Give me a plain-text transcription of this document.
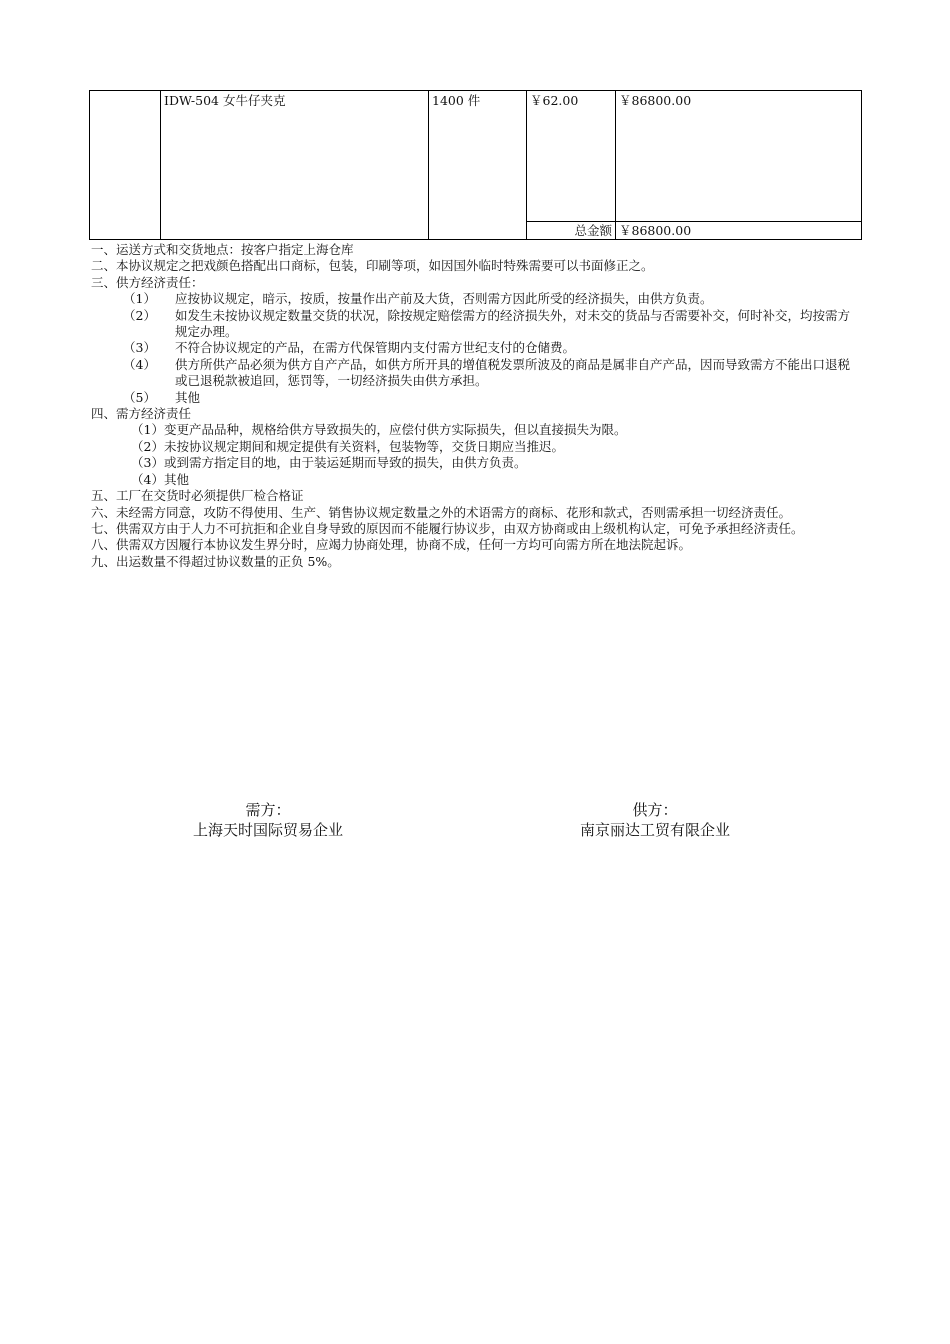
	IDW-504 女牛仔夹克	1400 件	￥62.00	￥86800.00
			总金额	￥86800.00

一、运送方式和交货地点：按客户指定上海仓库

二、本协议规定之把戏颜色搭配出口商标，包装，印刷等项，如因国外临时特殊需要可以书面修正之。

三、供方经济责任：

（1）	应按协议规定，暗示，按质，按量作出产前及大货，否则需方因此所受的经济损失，由供方负责。
（2）	如发生未按协议规定数量交货的状况，除按规定赔偿需方的经济损失外，对未交的货品与否需要补交，何时补交，均按需方规定办理。
（3）	不符合协议规定的产品，在需方代保管期内支付需方世纪支付的仓储费。
（4）	供方所供产品必须为供方自产产品，如供方所开具的增值税发票所波及的商品是属非自产产品，因而导致需方不能出口退税或已退税款被追回，惩罚等，一切经济损失由供方承担。
（5）	其他

四、需方经济责任

（1） 变更产品品种，规格给供方导致损失的，应偿付供方实际损失，但以直接损失为限。
（2） 未按协议规定期间和规定提供有关资料，包装物等，交货日期应当推迟。
（3） 或到需方指定目的地，由于装运延期而导致的损失，由供方负责。
（4） 其他

五、工厂在交货时必须提供厂检合格证

六、未经需方同意，攻防不得使用、生产、销售协议规定数量之外的术语需方的商标、花形和款式，否则需承担一切经济责任。

七、供需双方由于人力不可抗拒和企业自身导致的原因而不能履行协议步，由双方协商或由上级机构认定，可免予承担经济责任。

八、供需双方因履行本协议发生界分时，应竭力协商处理，协商不成，任何一方均可向需方所在地法院起诉。

九、出运数量不得超过协议数量的正负 5%。

需方：
上海天时国际贸易企业
供方：
南京丽达工贸有限企业
